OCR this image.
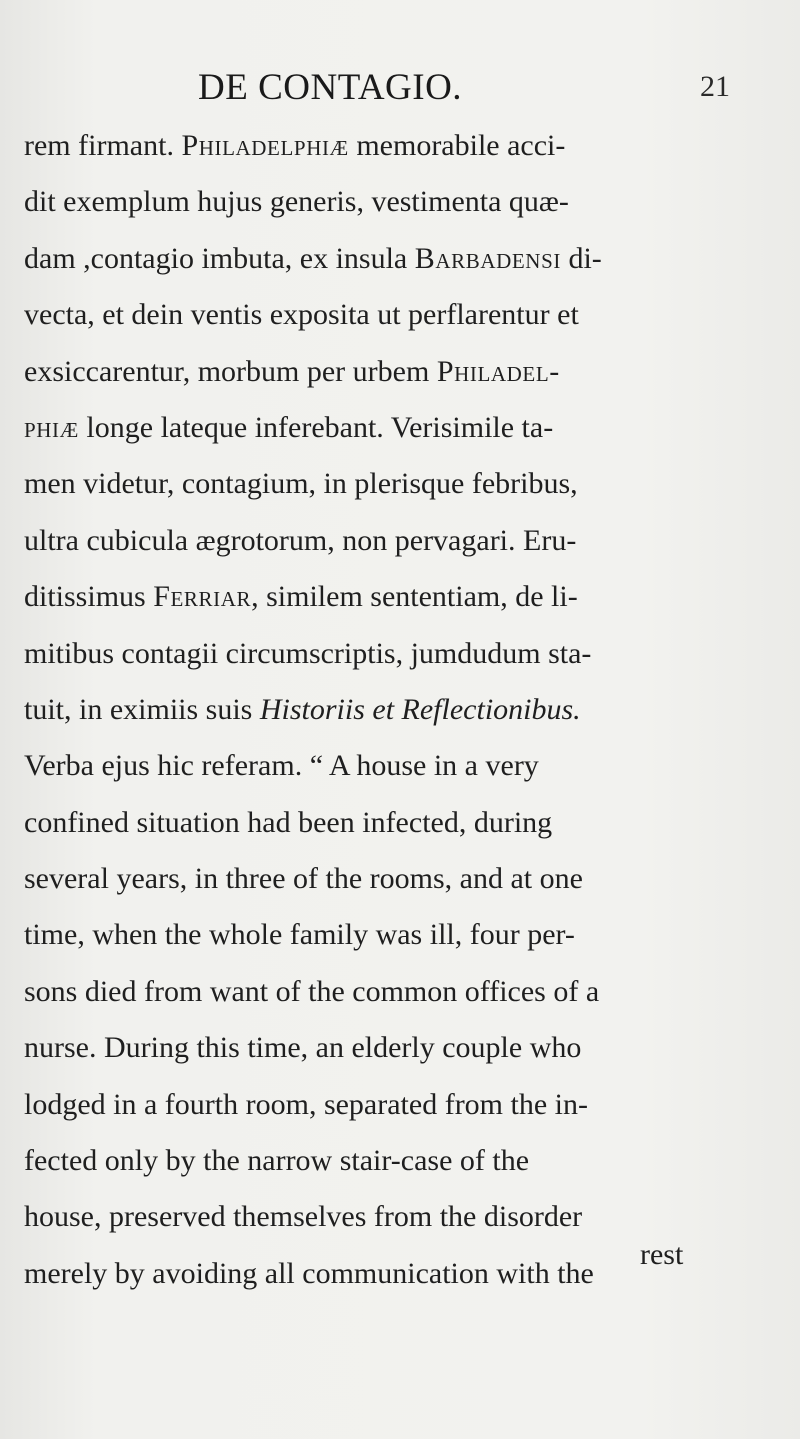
DE CONTAGIO.	21
rem firmant. Philadelphiæ memorabile acci-
dit exemplum hujus generis, vestimenta quæ-
dam ,contagio imbuta, ex insula Barbadensi di-
vecta, et dein ventis exposita ut perflarentur et
exsiccarentur, morbum per urbem Philadel-
phiæ longe lateque inferebant. Verisimile ta-
men videtur, contagium, in plerisque febribus,
ultra cubicula ægrotorum, non pervagari. Eru-
ditissimus Ferriar, similem sententiam, de li-
mitibus contagii circumscriptis, jumdudum sta-
tuit, in eximiis suis Historiis et Reflectionibus.
Verba ejus hic referam. “ A house in a very
confined situation had been infected, during
several years, in three of the rooms, and at one
time, when the whole family was ill, four per-
sons died from want of the common offices of a
nurse. During this time, an elderly couple who
lodged in a fourth room, separated from the in-
fected only by the narrow stair-case of the
house, preserved themselves from the disorder
merely by avoiding all communication with the
rest
